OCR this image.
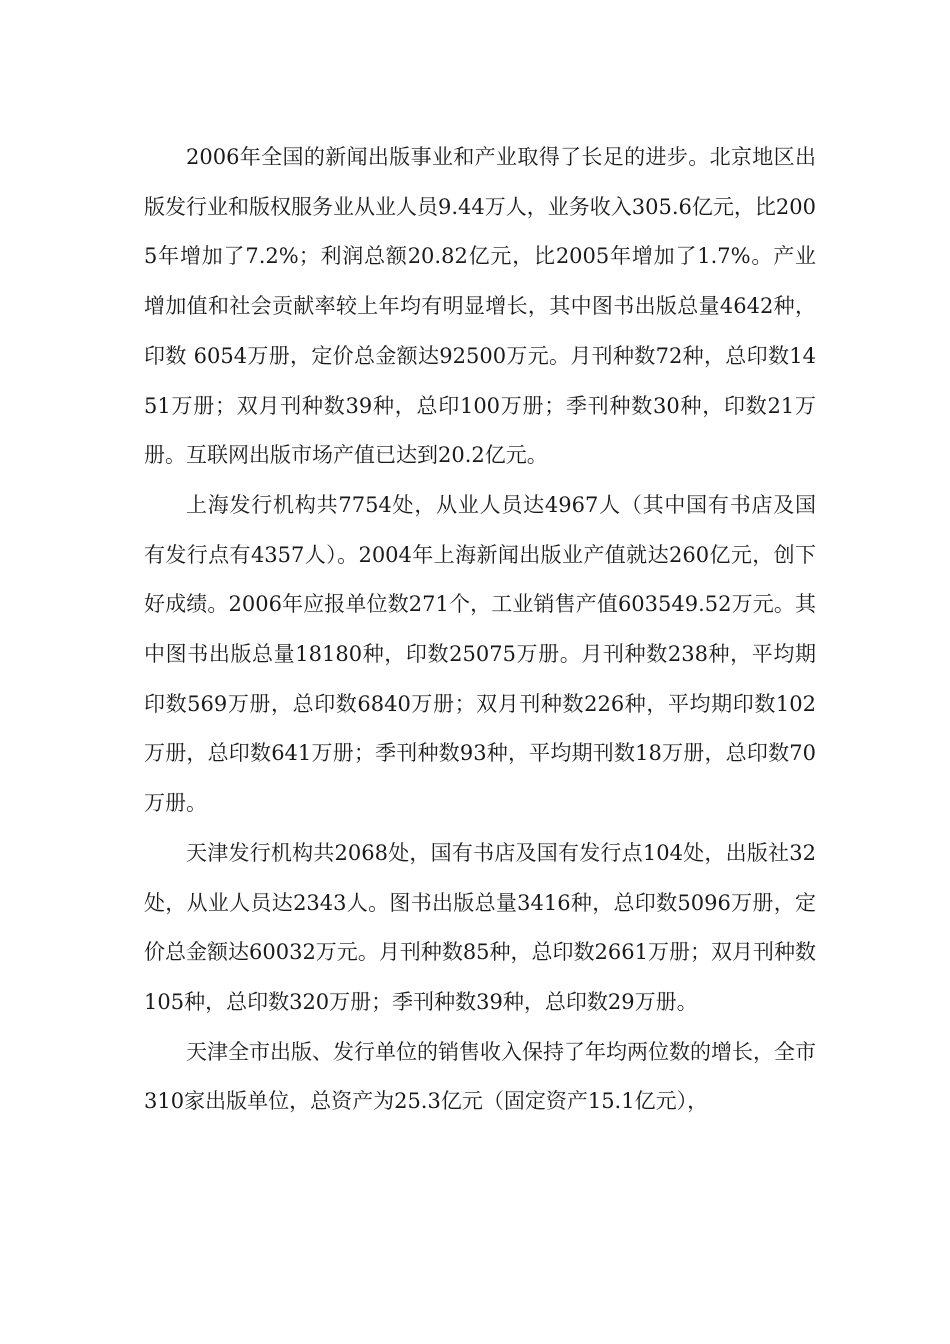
2006年全国的新闻出版事业和产业取得了长足的进步。北京地区出版发行业和版权服务业从业人员9.44万人，业务收入305.6亿元，比2005年增加了7.2%；利润总额20.82亿元，比2005年增加了1.7%。产业增加值和社会贡献率较上年均有明显增长，其中图书出版总量4642种，印数 6054万册，定价总金额达92500万元。月刊种数72种，总印数1451万册；双月刊种数39种，总印100万册；季刊种数30种，印数21万册。互联网出版市场产值已达到20.2亿元。

上海发行机构共7754处，从业人员达4967人（其中国有书店及国有发行点有4357人）。2004年上海新闻出版业产值就达260亿元，创下好成绩。2006年应报单位数271个，工业销售产值603549.52万元。其中图书出版总量18180种，印数25075万册。月刊种数238种，平均期印数569万册，总印数6840万册；双月刊种数226种，平均期印数102万册，总印数641万册；季刊种数93种，平均期刊数18万册，总印数70万册。

天津发行机构共2068处，国有书店及国有发行点104处，出版社32处，从业人员达2343人。图书出版总量3416种，总印数5096万册，定价总金额达60032万元。月刊种数85种，总印数2661万册；双月刊种数105种，总印数320万册；季刊种数39种，总印数29万册。

天津全市出版、发行单位的销售收入保持了年均两位数的增长，全市310家出版单位，总资产为25.3亿元（固定资产15.1亿元），
